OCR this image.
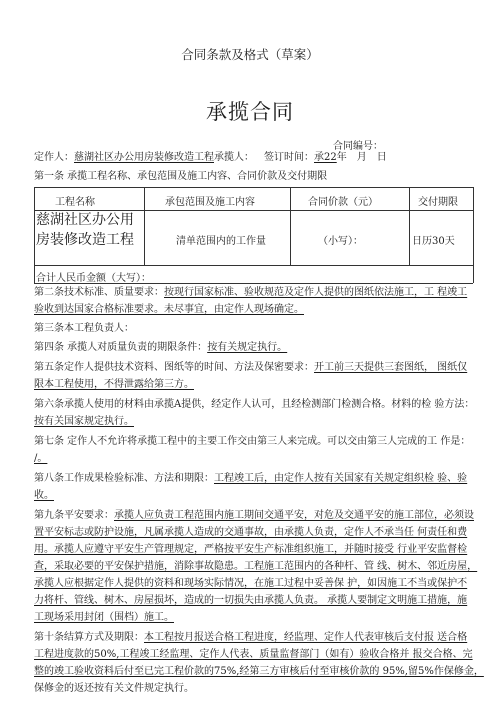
合同条款及格式（草案）
承揽合同
合同编号：
定作人：慈湖社区办公用房装修改造工程承揽人： 签订时间：承22年 月 日
第一条 承揽工程名称、承包范围及施工内容、合同价款及交付期限
工程名称	承包范围及施工内容	合同价款（元）	交付期限
慈湖社区办公用房装修改造工程	清单范围内的工作量	（小写）：	日历30天
合计人民币金额（大写）：
第二条技术标准、质量要求：按现行国家标准、验收规范及定作人提供的图纸依法施工，工 程竣工
验收到达国家合格标准要求。未尽事宜，由定作人现场确定。
第三条本工程负责人：
第四条 承揽人对质量负责的期限条件：按有关规定执行。
第五条定作人提供技术资料、图纸等的时间、方法及保密要求：开工前三天提供三套图纸， 图纸仅
限本工程使用，不得泄露给第三方。
第六条承揽人使用的材料由承揽A提供，经定作人认可，且经检测部门检测合格。材料的检 验方法：
按有关国家规定执行。
第七条 定作人不允许将承揽工程中的主要工作交由第三人来完成。可以交由第三人完成的工 作是：
/。
第八条工作成果检验标准、方法和期限：工程竣工后，由定作人按有关国家有关规定组织检 验、验
收。
第九条平安要求：承揽人应负责工程范围内施工期间交通平安，对危及交通平安的施工部位，必须设
置平安标志或防护设施，凡属承揽人造成的交通事故，由承揽人负责，定作人不承当任 何责任和费
用。承揽人应遵守平安生产管理规定，严格按平安生产标准组织施工，并随时接受 行业平安监督检
查，采取必要的平安保护措施，消除事故隐患。工程施工范围内的各种杆、管 线、树木、邻近房屋，
承揽人应根据定作人提供的资料和现场实际情况，在施工过程中妥善保 护，如因施工不当或保护不
力将杆、管线、树木、房屋损坏，造成的一切损失由承揽人负责。 承揽人要制定文明施工措施，施
工现场采用封闭（围档）施工。
第十条结算方式及期限：本工程按月报送合格工程进度，经监理、定作人代表审核后支付报 送合格
工程进度款的50%,工程竣工经监理、定作人代表、质量监督部门（如有）验收合格并 报交合格、完
整的竣工验收资料后付至已完工程价款的75%,经第三方审核后付至审核价款的 95%,留5%作保修金，
保修金的返还按有关文件规定执行。
